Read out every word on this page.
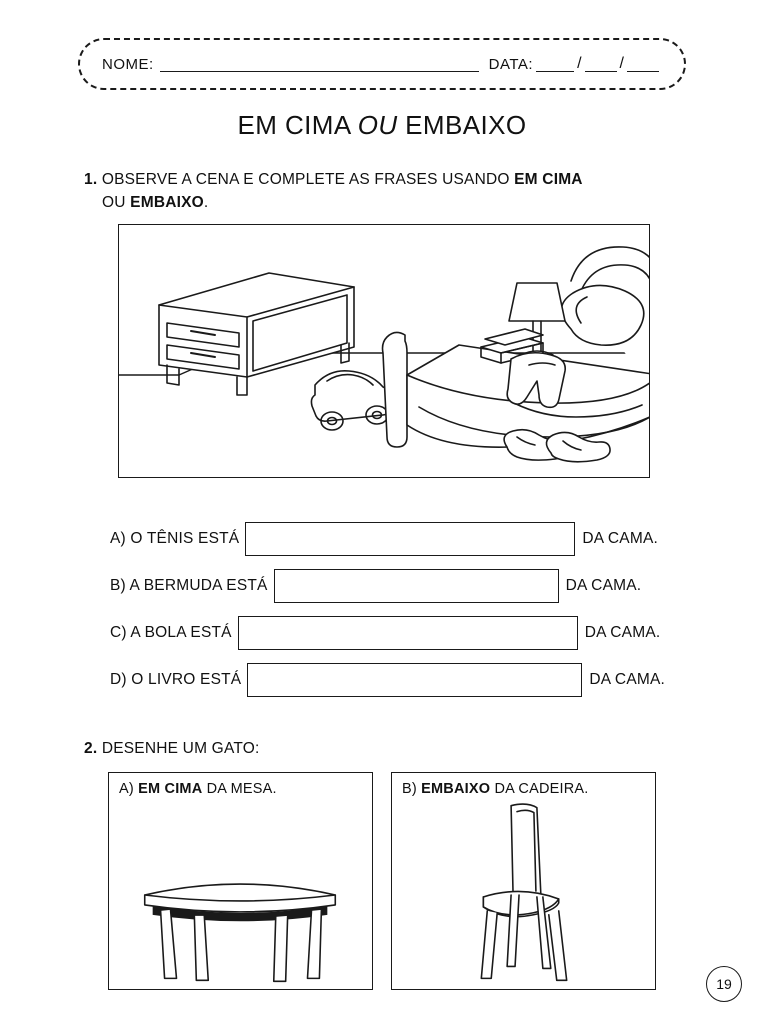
NOME:	DATA:	/
/
EM CIMA OU EMBAIXO
1. OBSERVE A CENA E COMPLETE AS FRASES USANDO EM CIMA
OU EMBAIXO.
A) O TÊNIS ESTÁ	DA CAMA.
B) A BERMUDA ESTÁ	DA CAMA.
C) A BOLA ESTÁ	DA CAMA.
D) O LIVRO ESTÁ	DA CAMA.
2. DESENHE UM GATO:
A) EM CIMA DA MESA.	B) EMBAIXO DA CADEIRA.
19
